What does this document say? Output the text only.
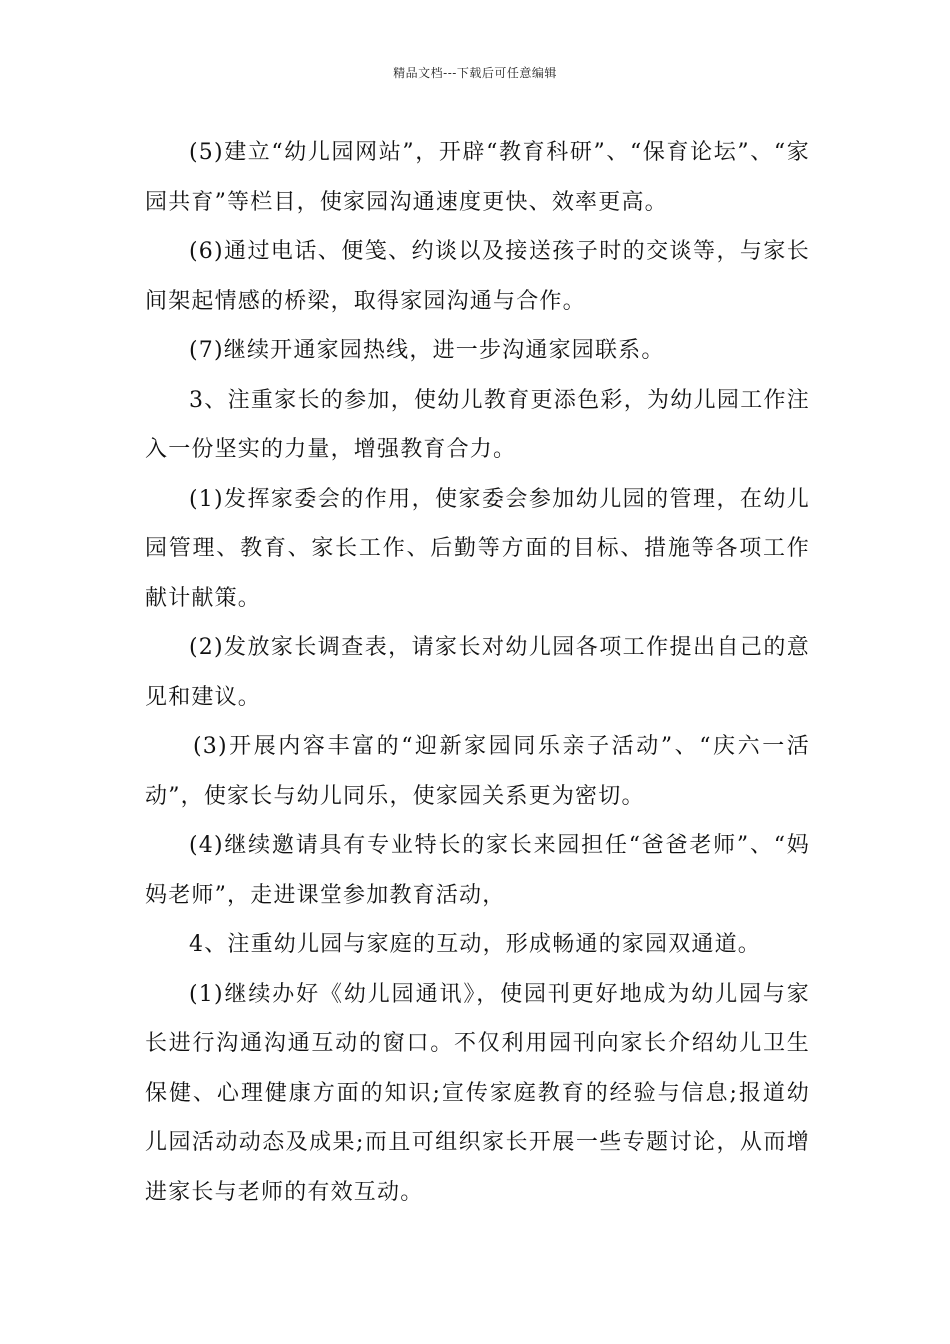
精品文档---下载后可任意编辑

(5)建立“幼儿园网站”，开辟“教育科研”、“保育论坛”、“家园共育”等栏目，使家园沟通速度更快、效率更高。

(6)通过电话、便笺、约谈以及接送孩子时的交谈等，与家长间架起情感的桥梁，取得家园沟通与合作。

(7)继续开通家园热线，进一步沟通家园联系。

3、注重家长的参加，使幼儿教育更添色彩，为幼儿园工作注入一份坚实的力量，增强教育合力。

(1)发挥家委会的作用，使家委会参加幼儿园的管理，在幼儿园管理、教育、家长工作、后勤等方面的目标、措施等各项工作献计献策。

(2)发放家长调查表，请家长对幼儿园各项工作提出自己的意见和建议。

(3)开展内容丰富的“迎新家园同乐亲子活动”、“庆六一活动”，使家长与幼儿同乐，使家园关系更为密切。

(4)继续邀请具有专业特长的家长来园担任“爸爸老师”、“妈妈老师”，走进课堂参加教育活动，

4、注重幼儿园与家庭的互动，形成畅通的家园双通道。

(1)继续办好《幼儿园通讯》，使园刊更好地成为幼儿园与家长进行沟通沟通互动的窗口。不仅利用园刊向家长介绍幼儿卫生保健、心理健康方面的知识;宣传家庭教育的经验与信息;报道幼儿园活动动态及成果;而且可组织家长开展一些专题讨论，从而增进家长与老师的有效互动。
